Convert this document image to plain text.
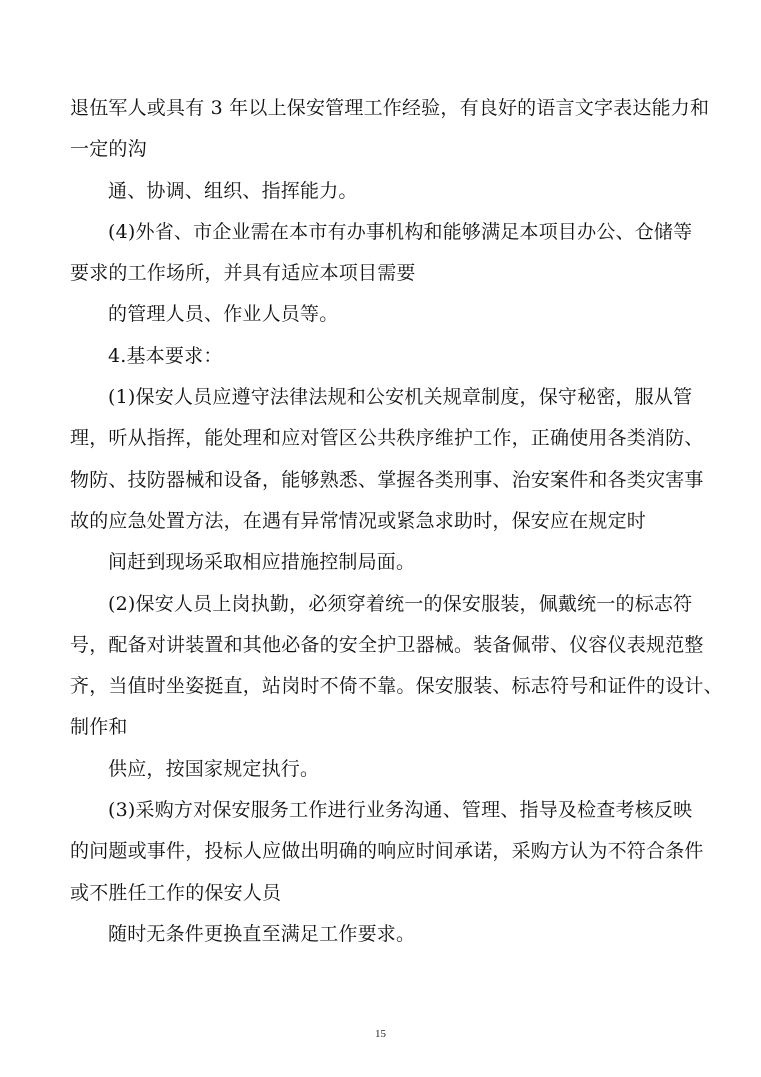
退伍军人或具有 3 年以上保安管理工作经验，有良好的语言文字表达能力和
一定的沟
通、协调、组织、指挥能力。
(4)外省、市企业需在本市有办事机构和能够满足本项目办公、仓储等
要求的工作场所，并具有适应本项目需要
的管理人员、作业人员等。
4.基本要求：
(1)保安人员应遵守法律法规和公安机关规章制度，保守秘密，服从管
理，听从指挥，能处理和应对管区公共秩序维护工作，正确使用各类消防、
物防、技防器械和设备，能够熟悉、掌握各类刑事、治安案件和各类灾害事
故的应急处置方法，在遇有异常情况或紧急求助时，保安应在规定时
间赶到现场采取相应措施控制局面。
(2)保安人员上岗执勤，必须穿着统一的保安服装，佩戴统一的标志符
号，配备对讲装置和其他必备的安全护卫器械。装备佩带、仪容仪表规范整
齐，当值时坐姿挺直，站岗时不倚不靠。保安服装、标志符号和证件的设计、
制作和
供应，按国家规定执行。
(3)采购方对保安服务工作进行业务沟通、管理、指导及检查考核反映
的问题或事件，投标人应做出明确的响应时间承诺，采购方认为不符合条件
或不胜任工作的保安人员
随时无条件更换直至满足工作要求。
15
